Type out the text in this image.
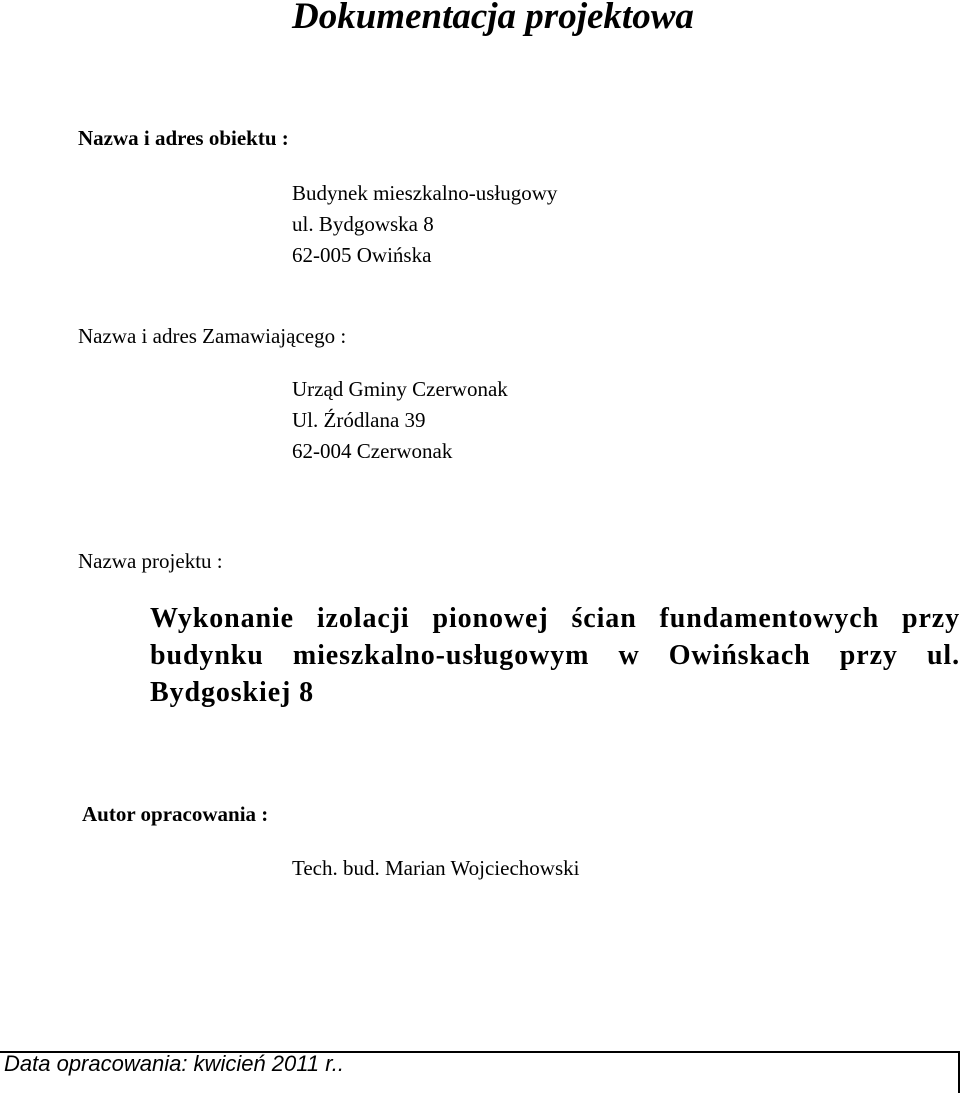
Dokumentacja projektowa
Nazwa i adres obiektu :
Budynek mieszkalno-usługowy
ul. Bydgowska 8
62-005 Owińska
Nazwa i adres Zamawiającego :
Urząd Gminy Czerwonak
Ul. Źródlana 39
62-004 Czerwonak
Nazwa projektu :
Wykonanie izolacji pionowej ścian fundamentowych przy
budynku mieszkalno-usługowym w Owińskach przy ul.
Bydgoskiej 8
Autor opracowania :
Tech. bud. Marian Wojciechowski
Data opracowania: kwicień 2011 r..
